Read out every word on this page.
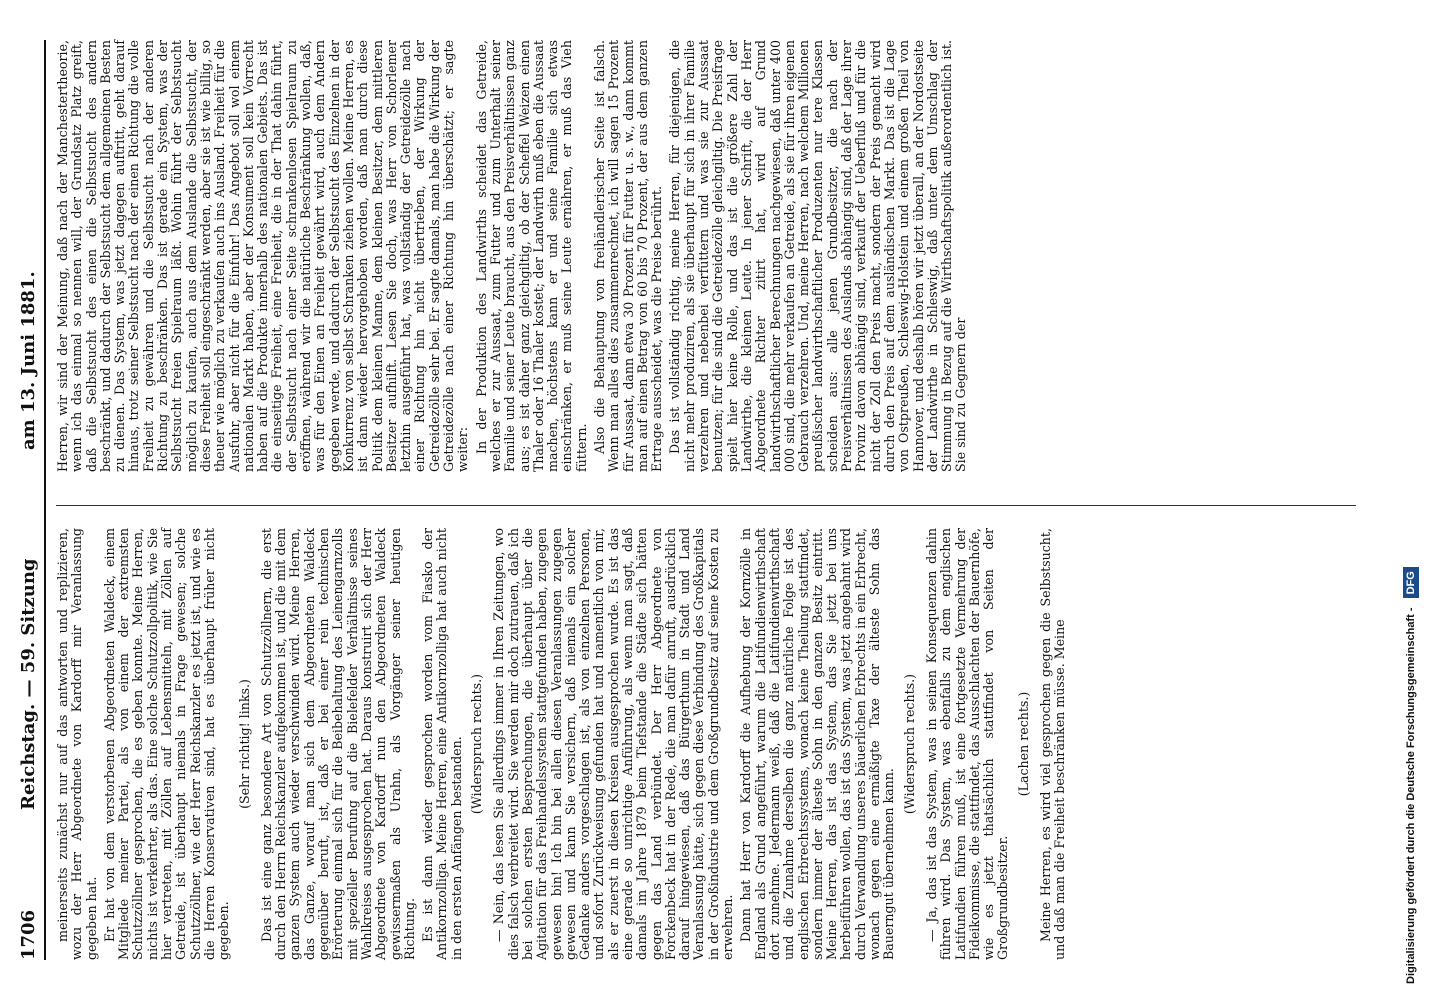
1706
Reichstag. — 59. Sitzung
am 13. Juni 1881.

meinerseits zunächst nur auf das antworten und replizieren, wozu der Herr Abgeordnete von Kardorff mir Veranlassung gegeben hat. Er hat von dem verstorbenen Abgeordneten Waldeck, einem Mitgliede meiner Partei, als von einem der extremsten Schutzzöllner gesprochen, die es geben konnte. Meine Herren, nichts ist verkehrter, als das. Eine solche Schutzzollpolitik, wie Sie hier vertreten, mit Zöllen auf Lebensmitteln, mit Zöllen auf Getreide, ist überhaupt niemals in Frage gewesen; solche Schutzzöllner, wie der Herr Reichskanzler es jetzt ist, und wie es die Herren Konservativen sind, hat es überhaupt früher nicht gegeben.

(Sehr richtig! links.) Das ist eine ganz besondere Art von Schutzzöllnern, die erst durch den Herrn Reichskanzler aufgekommen ist, und die mit dem ganzen System auch wieder verschwinden wird. Meine Herren, das Ganze, worauf man sich dem Abgeordneten Waldeck gegenüber beruft, ist, daß er bei einer rein technischen Erörterung einmal sich für die Beibehaltung des Leinengarnzolls mit spezieller Berufung auf die Bielefelder Verhältnisse seines Wahlkreises ausgesprochen hat. Daraus konstruirt sich der Herr Abgeordnete von Kardorff nun den Abgeordneten Waldeck gewissermaßen als Urahn, als Vorgänger seiner heutigen Richtung. Es ist dann wieder gesprochen worden vom Fiasko der Antikornzolliga. Meine Herren, eine Antikornzolliga hat auch nicht in den ersten Anfängen bestanden. (Widerspruch rechts.) — Nein, das lesen Sie allerdings immer in Ihren Zeitungen, wo dies falsch verbreitet wird. Sie werden mir doch zutrauen, daß ich bei solchen ersten Besprechungen, die überhaupt über die Agitation für das Freihandelssystem stattgefunden haben, zugegen gewesen bin! Ich bin bei allen diesen Veranlassungen zugegen gewesen und kann Sie versichern, daß niemals ein solcher Gedanke anders vorgeschlagen ist, als von einzelnen Personen, und sofort Zurückweisung gefunden hat und namentlich von mir, als er zuerst in diesen Kreisen ausgesprochen wurde. Es ist das eine gerade so unrichtige Anführung, als wenn man sagt, daß damals im Jahre 1879 beim Tiefstande die Städte sich hätten gegen das Land verbündet. Der Herr Abgeordnete von Forckenbeck hat in der Rede, die man dafür anruft, ausdrücklich darauf hingewiesen, daß das Bürgerthum in Stadt und Land Veranlassung hätte, sich gegen diese Verbindung des Großkapitals in der Großindustrie und dem Großgrundbesitz auf seine Kosten zu erwehren. Dann hat Herr von Kardorff die Aufhebung der Kornzölle in England als Grund angeführt, warum die Latifundienwirthschaft dort zunehme. Jedermann weiß, daß die Latifundienwirthschaft und die Zunahme derselben die ganz natürliche Folge ist des englischen Erbrechtssystems, wonach keine Theilung stattfindet, sondern immer der älteste Sohn in den ganzen Besitz eintritt. Meine Herren, das ist das System, das Sie jetzt bei uns herbeiführen wollen, das ist das System, was jetzt angebahnt wird durch Verwandlung unseres bäuerlichen Erbrechts in ein Erbrecht, wonach gegen eine ermäßigte Taxe der älteste Sohn das Bauerngut übernehmen kann.

(Widerspruch rechts.) — Ja, das ist das System, was in seinen Konsequenzen dahin führen wird. Das System, was ebenfalls zu dem englischen Latifundien führen muß, ist eine fortgesetzte Vermehrung der Fideikommisse, die stattfindet, das Ausschlachten der Bauernhöfe, wie es jetzt thatsächlich stattfindet von Seiten der Großgrundbesitzer.

(Lachen rechts.) Meine Herren, es wird viel gesprochen gegen die Selbstsucht, und daß man die Freiheit beschränken müsse. Meine

Herren, wir sind der Meinung, daß nach der Manchestertheorie, wenn ich das einmal so nennen will, der Grundsatz Platz greift, daß die Selbstsucht des einen die Selbstsucht des andern beschränkt, und dadurch der Selbstsucht dem allgemeinen Besten zu dienen. Das System, was jetzt dagegen auftritt, geht darauf hinaus, trotz seiner Selbstsucht nach der einen Richtung die volle Freiheit zu gewähren und die Selbstsucht nach der anderen Richtung zu beschränken. Das ist gerade ein System, was der Selbstsucht freien Spielraum läßt. Wohin führt der Selbstsucht möglich zu kaufen, auch aus dem Auslande die Selbstsucht, der diese Freiheit soll eingeschränkt werden, aber sie ist wie billig, so theuer wie möglich zu verkaufen auch ins Ausland. Freiheit für die Ausfuhr, aber nicht für die Einfuhr! Das Angebot soll wol einem nationalen Markt haben, aber der Konsument soll kein Vorrecht haben auf die Produkte innerhalb des nationalen Gebiets. Das ist die einseitige Freiheit, eine Freiheit, die in der That dahin führt, der Selbstsucht nach einer Seite schrankenlosen Spielraum zu eröffnen, während wir die natürliche Beschränkung wollen, daß, was für den Einen an Freiheit gewährt wird, auch dem Andern gegeben werde, und dadurch der Selbstsucht des Einzelnen in der Konkurrenz von selbst Schranken ziehen wollen. Meine Herren, es ist dann wieder hervorgehoben worden, daß man durch diese Politik dem kleinen Manne, dem kleinen Besitzer, dem mittleren Besitzer aufhilft. Lesen Sie doch, was Herr von Schorlemer letzthin ausgeführt hat, was vollständig der Getreidezölle nach einer Richtung hin nicht übertrieben, der Wirkung der Getreidezölle sehr bei. Er sagte damals, man habe die Wirkung der Getreidezölle nach einer Richtung hin überschätzt; er sagte weiter: In der Produktion des Landwirths scheidet das Getreide, welches er zur Aussaat, zum Futter und zum Unterhalt seiner Familie und seiner Leute braucht, aus den Preisverhältnissen ganz aus; es ist daher ganz gleichgiltig, ob der Scheffel Weizen einen Thaler oder 16 Thaler kostet; der Landwirth muß eben die Aussaat machen, höchstens kann er und seine Familie sich etwas einschränken, er muß seine Leute ernähren, er muß das Vieh füttern. Also die Behauptung von freihändlerischer Seite ist falsch. Wenn man alles dies zusammenrechnet, ich will sagen 15 Prozent für Aussaat, dann etwa 30 Prozent für Futter u. s. w., dann kommt man auf einen Betrag von 60 bis 70 Prozent, der aus dem ganzen Ertrage ausscheidet, was die Preise berührt. Das ist vollständig richtig, meine Herren, für diejenigen, die nicht mehr produziren, als sie überhaupt für sich in ihrer Familie verzehren und nebenbei verfüttern und was sie zur Aussaat benutzen; für die sind die Getreidezölle gleichgiltig. Die Preisfrage spielt hier keine Rolle, und das ist die größere Zahl der Landwirthe, die kleinen Leute. In jener Schrift, die der Herr Abgeordnete Richter zitirt hat, wird auf Grund landwirthschaftlicher Berechnungen nachgewiesen, daß unter 400 000 sind, die mehr verkaufen an Getreide, als sie für ihren eigenen Gebrauch verzehren. Und, meine Herren, nach welchem Millionen preußischer landwirthschaftlicher Produzenten nur tere Klassen scheiden aus: alle jenen Grundbesitzer, die nach der Preisverhältnissen des Auslands abhängig sind, daß der Lage ihrer Provinz davon abhängig sind, verkauft der Ueberfluß und für die nicht der Zoll den Preis macht, sondern der Preis gemacht wird durch den Preis auf dem ausländischen Markt. Das ist die Lage von Ostpreußen, Schleswig-Holstein und einem großen Theil von Hannover, und deshalb hören wir jetzt überall, an der Nordostseite der Landwirthe in Schleswig, daß unter dem Umschlag der Stimmung in Bezug auf die Wirthschaftspolitik außerordentlich ist. Sie sind zu Gegnern der

Digitalisierung gefördert durch die Deutsche Forschungsgemeinschaft - DFG
